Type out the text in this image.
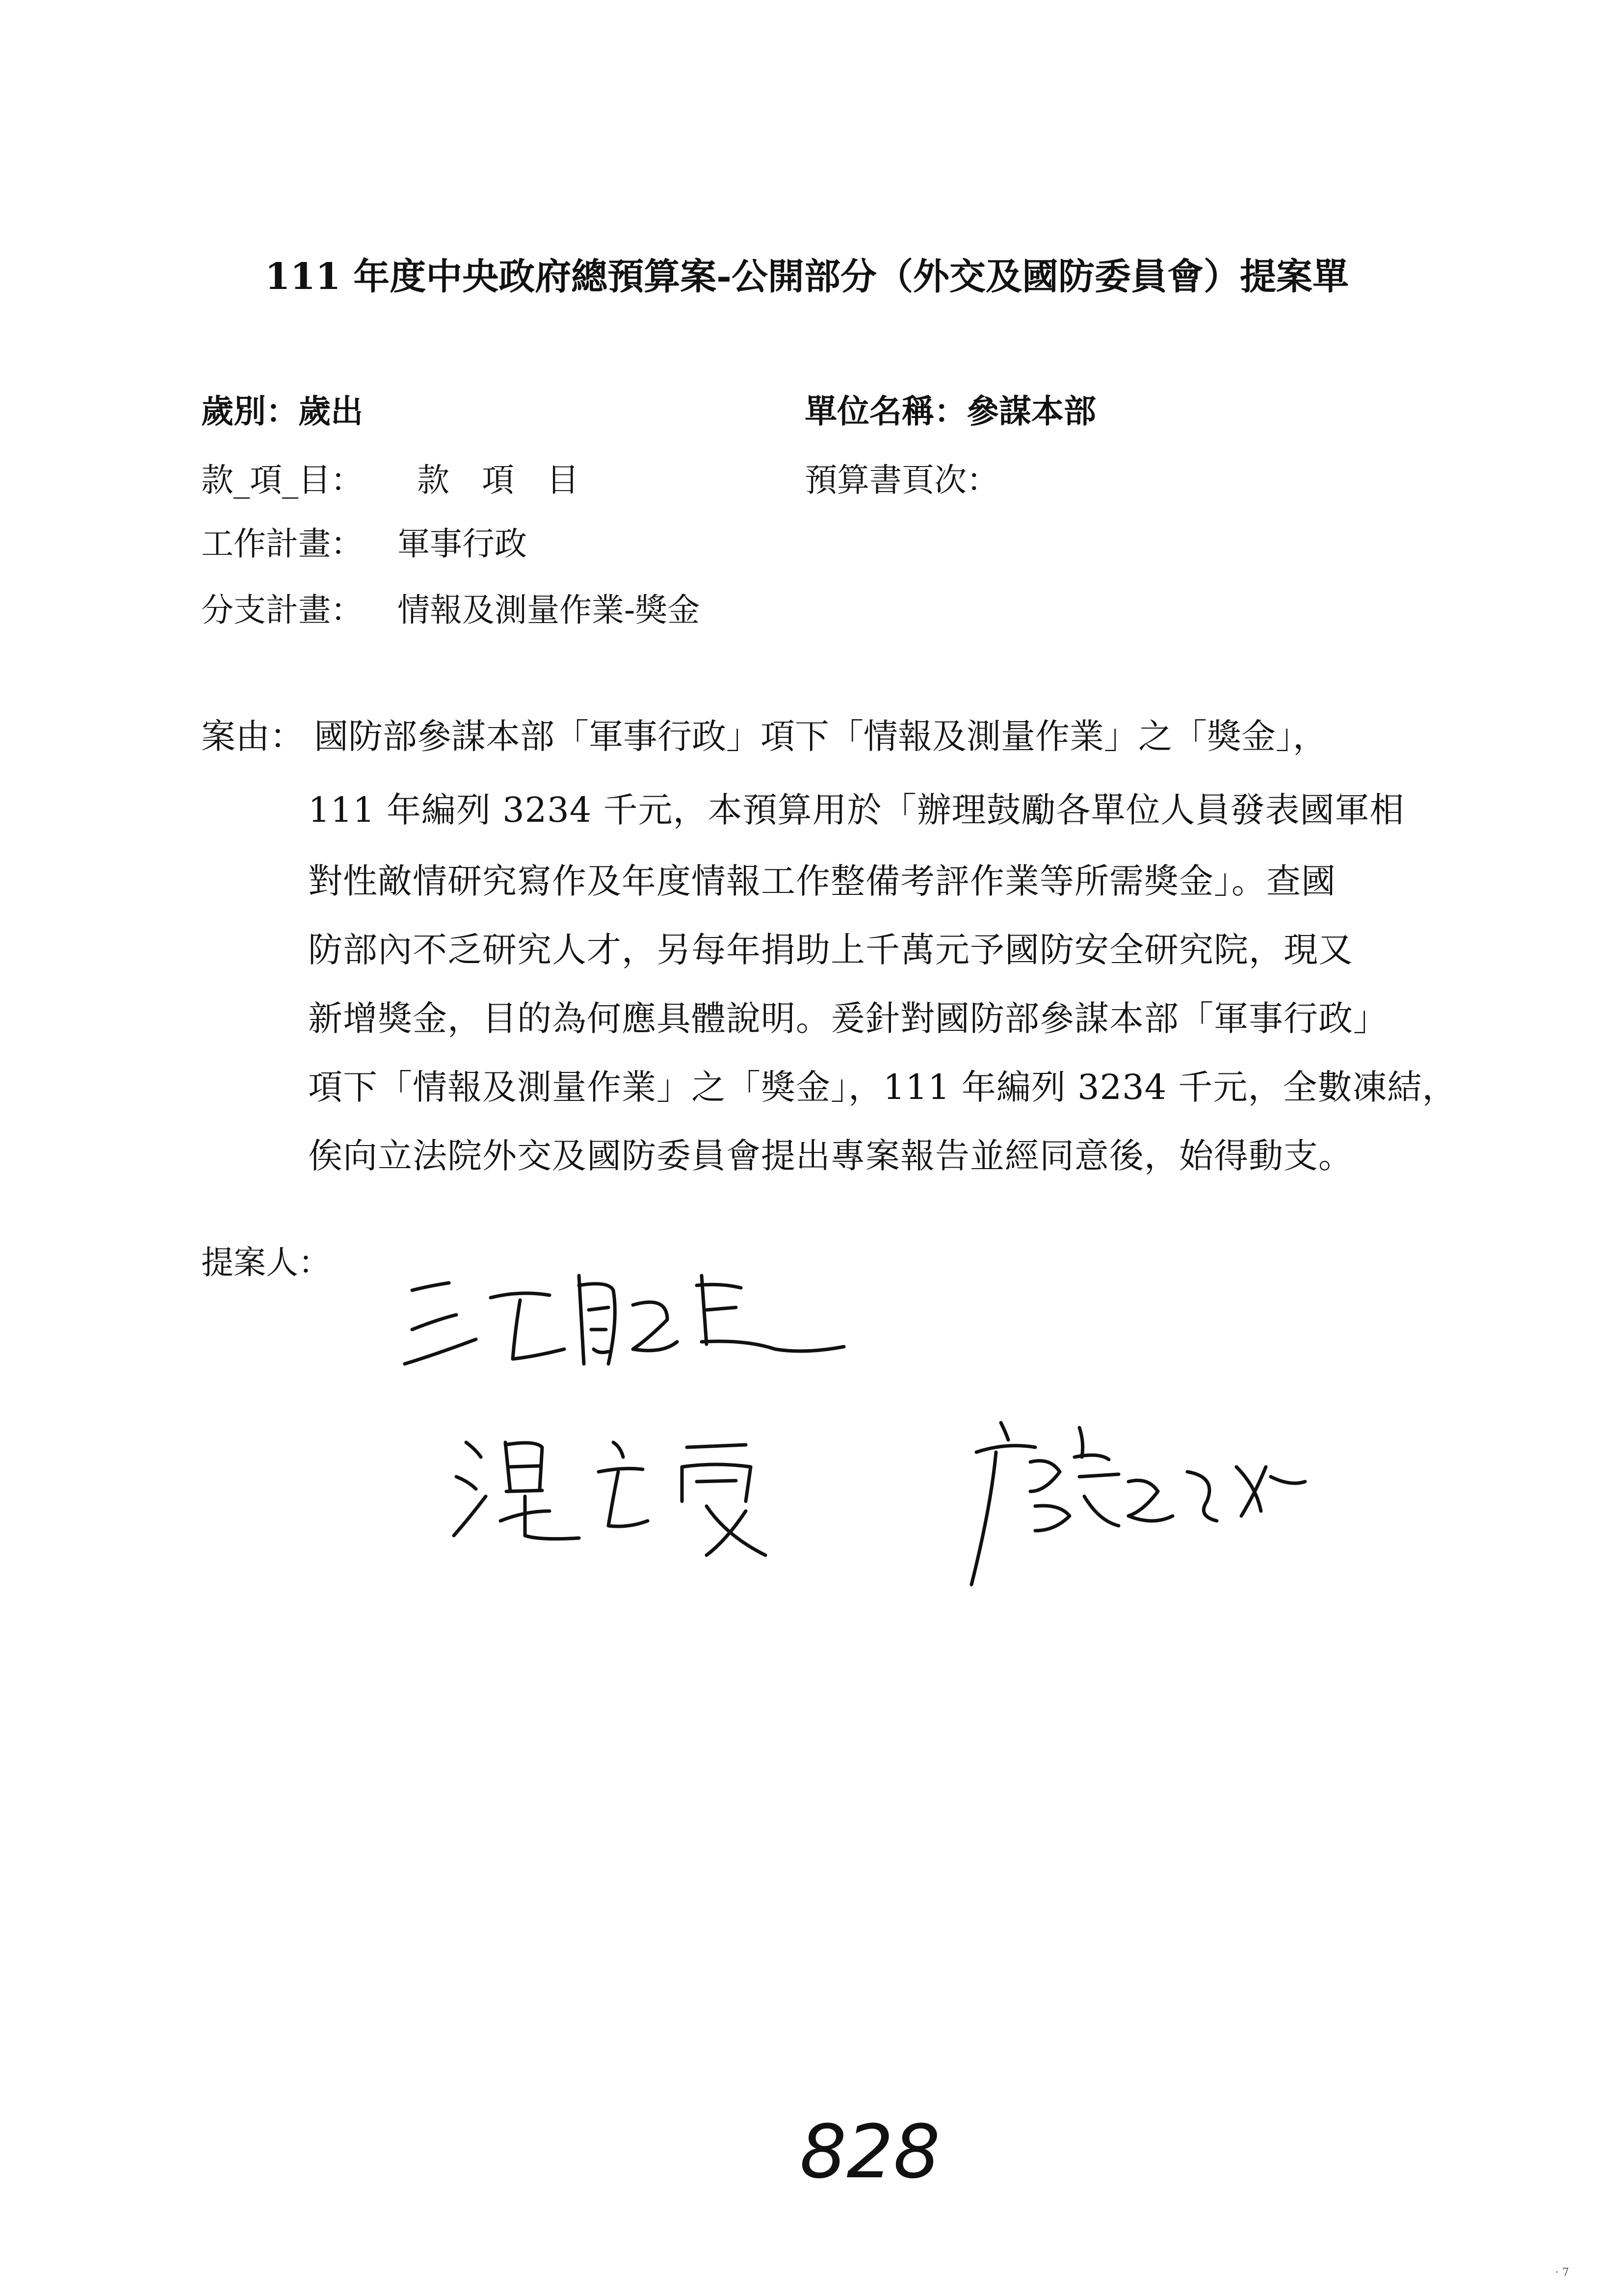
111 年度中央政府總預算案-公開部分（外交及國防委員會）提案單
歲別：歲出	單位名稱：參謀本部
款_項_目： 款　項　目	預算書頁次：
工作計畫： 軍事行政
分支計畫： 情報及測量作業-獎金
案由： 國防部參謀本部「軍事行政」項下「情報及測量作業」之「獎金」，
111 年編列 3234 千元，本預算用於「辦理鼓勵各單位人員發表國軍相
對性敵情研究寫作及年度情報工作整備考評作業等所需獎金」。查國
防部內不乏研究人才，另每年捐助上千萬元予國防安全研究院，現又
新增獎金，目的為何應具體說明。爰針對國防部參謀本部「軍事行政」
項下「情報及測量作業」之「獎金」，111 年編列 3234 千元，全數凍結，
俟向立法院外交及國防委員會提出專案報告並經同意後，始得動支。
提案人：
828
· 7
